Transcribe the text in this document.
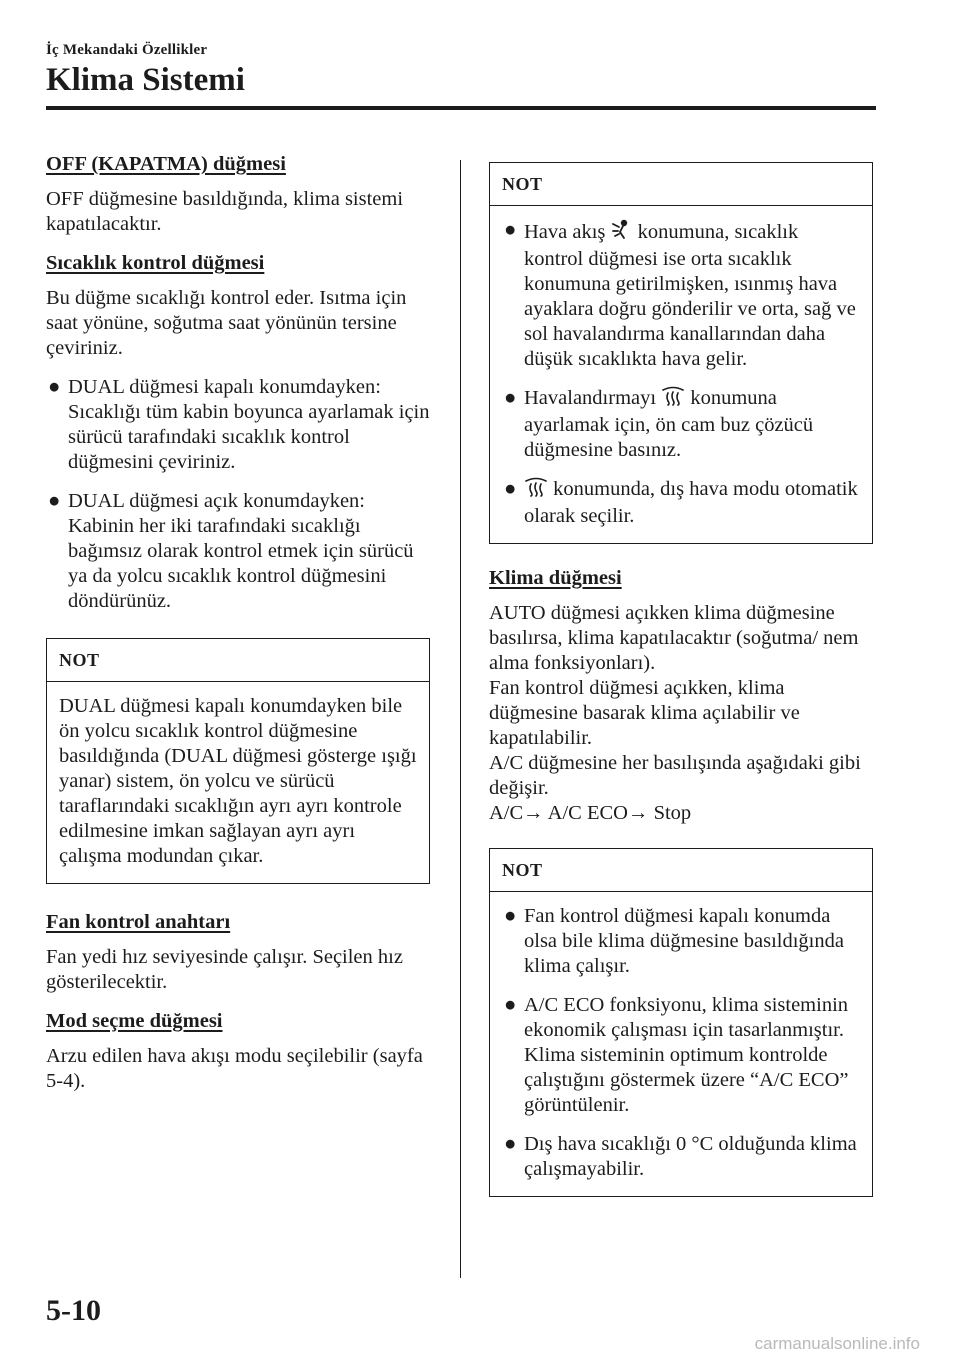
İç Mekandaki Özellikler
Klima Sistemi
OFF (KAPATMA) düğmesi

OFF düğmesine basıldığında, klima sistemi kapatılacaktır.

Sıcaklık kontrol düğmesi

Bu düğme sıcaklığı kontrol eder. Isıtma için saat yönüne, soğutma saat yönünün tersine çeviriniz.

● DUAL düğmesi kapalı konumdayken: Sıcaklığı tüm kabin boyunca ayarlamak için sürücü tarafındaki sıcaklık kontrol düğmesini çeviriniz.
● DUAL düğmesi açık konumdayken: Kabinin her iki tarafındaki sıcaklığı bağımsız olarak kontrol etmek için sürücü ya da yolcu sıcaklık kontrol düğmesini döndürünüz.
NOT
DUAL düğmesi kapalı konumdayken bile ön yolcu sıcaklık kontrol düğmesine basıldığında (DUAL düğmesi gösterge ışığı yanar) sistem, ön yolcu ve sürücü taraflarındaki sıcaklığın ayrı ayrı kontrole edilmesine imkan sağlayan ayrı ayrı çalışma modundan çıkar.
Fan kontrol anahtarı

Fan yedi hız seviyesinde çalışır. Seçilen hız gösterilecektir.

Mod seçme düğmesi

Arzu edilen hava akışı modu seçilebilir (sayfa 5-4).

NOT
● Hava akış konumuna, sıcaklık kontrol düğmesi ise orta sıcaklık konumuna getirilmişken, ısınmış hava ayaklara doğru gönderilir ve orta, sağ ve sol havalandırma kanallarından daha düşük sıcaklıkta hava gelir.
● Havalandırmayı konumuna ayarlamak için, ön cam buz çözücü düğmesine basınız.
● konumunda, dış hava modu otomatik olarak seçilir.
Klima düğmesi
AUTO düğmesi açıkken klima düğmesine basılırsa, klima kapatılacaktır (soğutma/ nem alma fonksiyonları).
Fan kontrol düğmesi açıkken, klima düğmesine basarak klima açılabilir ve kapatılabilir.
A/C düğmesine her basılışında aşağıdaki gibi değişir.
A/C→ A/C ECO→ Stop
NOT
● Fan kontrol düğmesi kapalı konumda olsa bile klima düğmesine basıldığında klima çalışır.
● A/C ECO fonksiyonu, klima sisteminin ekonomik çalışması için tasarlanmıştır. Klima sisteminin optimum kontrolde çalıştığını göstermek üzere “A/C ECO” görüntülenir.
● Dış hava sıcaklığı 0 °C olduğunda klima çalışmayabilir.
5-10
carmanualsonline.info
